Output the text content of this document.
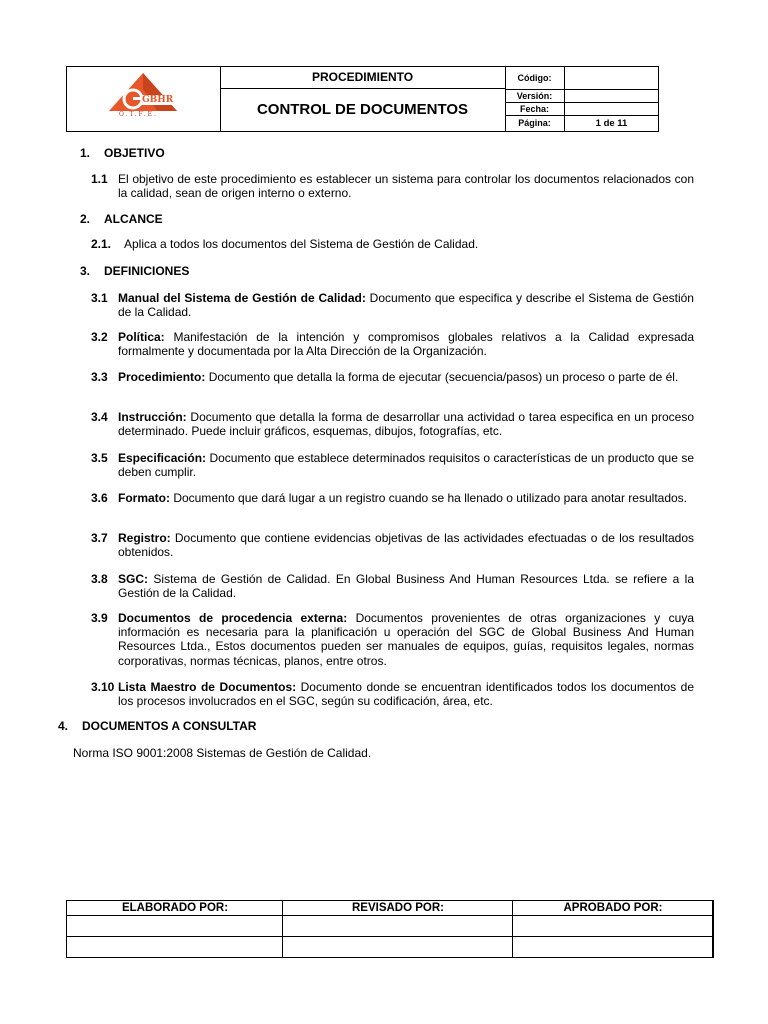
GBHR
O.T.F.E.
PROCEDIMIENTO
CONTROL DE DOCUMENTOS
Código:
Versión:
Fecha:
Página:	1 de 11
1. OBJETIVO
1.1 El objetivo de este procedimiento es establecer un sistema para controlar los documentos relacionados con la calidad, sean de origen interno o externo.
2. ALCANCE
2.1. Aplica a todos los documentos del Sistema de Gestión de Calidad.
3. DEFINICIONES
3.1 Manual del Sistema de Gestión de Calidad: Documento que especifica y describe el Sistema de Gestión de la Calidad.
3.2 Política: Manifestación de la intención y compromisos globales relativos a la Calidad expresada formalmente y documentada por la Alta Dirección de la Organización.
3.3 Procedimiento: Documento que detalla la forma de ejecutar (secuencia/pasos) un proceso o parte de él.
3.4 Instrucción: Documento que detalla la forma de desarrollar una actividad o tarea especifica en un proceso determinado. Puede incluir gráficos, esquemas, dibujos, fotografías, etc.
3.5 Especificación: Documento que establece determinados requisitos o características de un producto que se deben cumplir.
3.6 Formato: Documento que dará lugar a un registro cuando se ha llenado o utilizado para anotar resultados.
3.7 Registro: Documento que contiene evidencias objetivas de las actividades efectuadas o de los resultados obtenidos.
3.8 SGC: Sistema de Gestión de Calidad. En Global Business And Human Resources Ltda. se refiere a la Gestión de la Calidad.
3.9 Documentos de procedencia externa: Documentos provenientes de otras organizaciones y cuya información es necesaria para la planificación u operación del SGC de Global Business And Human Resources Ltda., Estos documentos pueden ser manuales de equipos, guías, requisitos legales, normas corporativas, normas técnicas, planos, entre otros.
3.10 Lista Maestro de Documentos: Documento donde se encuentran identificados todos los documentos de los procesos involucrados en el SGC, según su codificación, área, etc.
4. DOCUMENTOS A CONSULTAR
Norma ISO 9001:2008 Sistemas de Gestión de Calidad.
ELABORADO POR:	REVISADO POR:	APROBADO POR:
